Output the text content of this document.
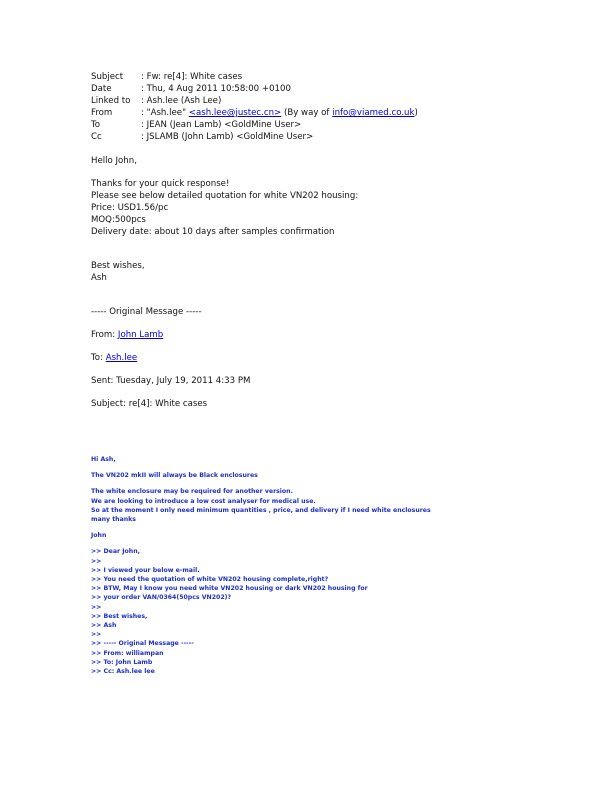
Subject	: Fw: re[4]: White cases
Date	: Thu, 4 Aug 2011 10:58:00 +0100
Linked to	: Ash.lee (Ash Lee)
From	: "Ash.lee" <ash.lee@justec.cn> (By way of info@viamed.co.uk )
To	: JEAN (Jean Lamb) <GoldMine User>
Cc	: JSLAMB (John Lamb) <GoldMine User>
Hello John,
Thanks for your quick response!
Please see below detailed quotation for white VN202 housing:
Price: USD1.56/pc
MOQ:500pcs
Delivery date: about 10 days after samples confirmation
Best wishes,
Ash
----- Original Message -----
From: John Lamb
To: Ash.lee
Sent: Tuesday, July 19, 2011 4:33 PM
Subject: re[4]: White cases
Hi Ash,
The VN202 mkII will always be Black enclosures
The white enclosure may be required for another version.
We are looking to introduce a low cost analyser for medical use.
So at the moment I only need minimum quantities , price, and delivery if I need white enclosures
many thanks
John
>> Dear John,
>>
>> I viewed your below e-mail.
>> You need the quotation of white VN202 housing complete,right?
>> BTW, May I know you need white VN202 housing or dark VN202 housing for
>> your order VAN/0364(50pcs VN202)?
>>
>> Best wishes,
>> Ash
>>
>> ----- Original Message -----
>> From: williampan
>> To: John Lamb
>> Cc: Ash.lee lee
